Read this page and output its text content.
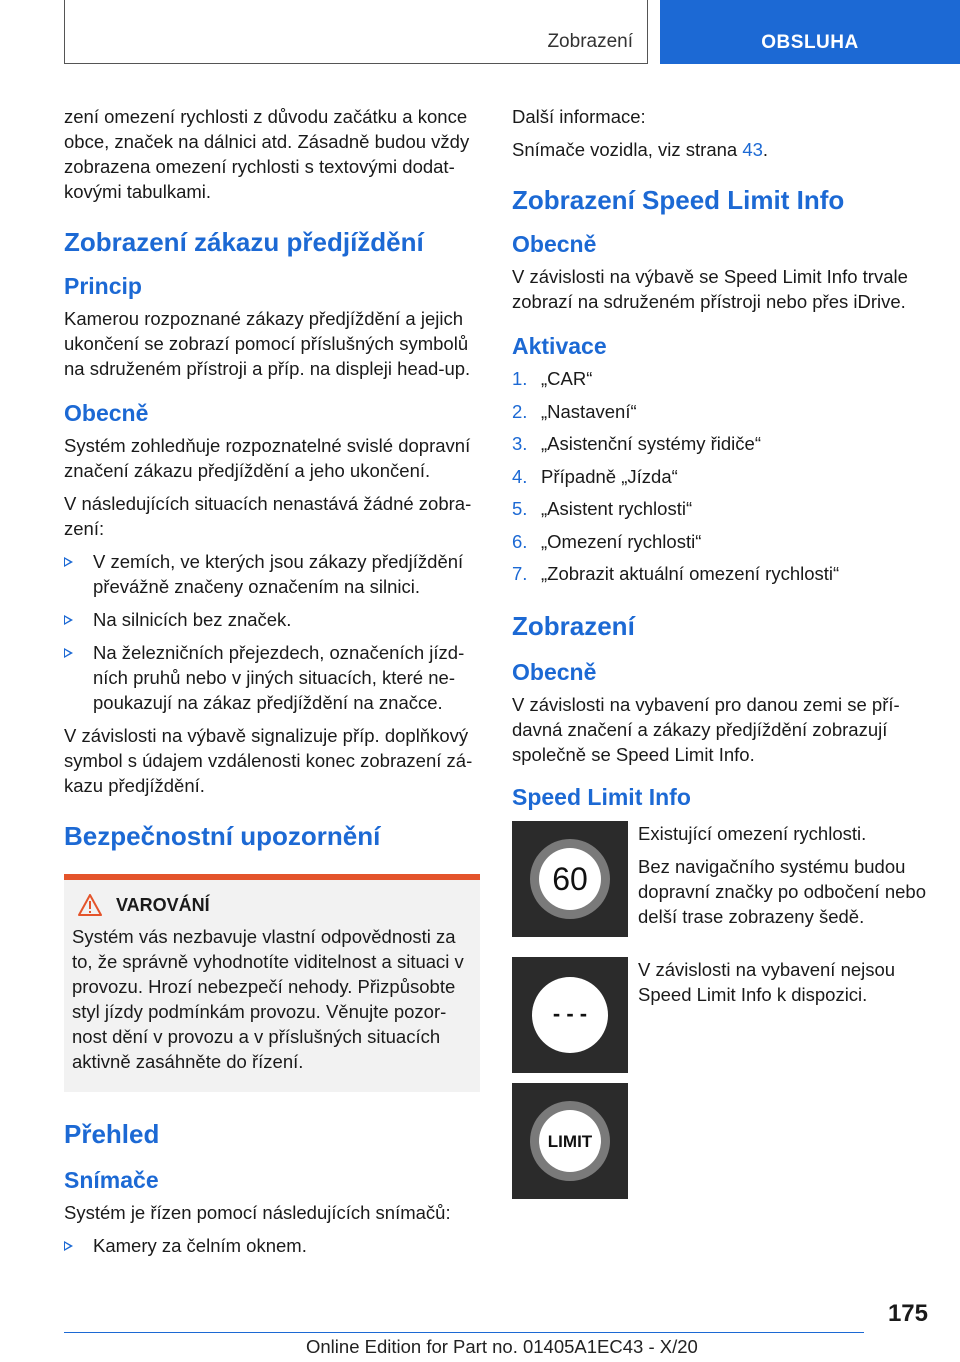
Zobrazení	OBSLUHA

zení omezení rychlosti z důvodu začátku a konce obce, značek na dálnici atd. Zásadně budou vždy zobrazena omezení rychlosti s textovými dodatkovými tabulkami.

Zobrazení zákazu předjíždění
Princip

Kamerou rozpoznané zákazy předjíždění a jejich ukončení se zobrazí pomocí příslušných symbolů na sdruženém přístroji a příp. na displeji head-up.

Obecně

Systém zohledňuje rozpoznatelné svislé dopravní značení zákazu předjíždění a jeho ukončení.

V následujících situacích nenastává žádné zobrazení:

V zemích, ve kterých jsou zákazy předjíždění převážně značeny označením na silnici.
Na silnicích bez značek.
Na železničních přejezdech, označeních jízdních pruhů nebo v jiných situacích, které nepoukazují na zákaz předjíždění na značce.

V závislosti na výbavě signalizuje příp. doplňkový symbol s údajem vzdálenosti konec zobrazení zákazu předjíždění.

Bezpečnostní upozornění
VAROVÁNÍ

Systém vás nezbavuje vlastní odpovědnosti za to, že správně vyhodnotíte viditelnost a situaci v provozu. Hrozí nebezpečí nehody. Přizpůsobte styl jízdy podmínkám provozu. Věnujte pozornost dění v provozu a v příslušných situacích aktivně zasáhněte do řízení.

Přehled
Snímače

Systém je řízen pomocí následujících snímačů:

Kamery za čelním oknem.

Další informace:

Snímače vozidla, viz strana 43.

Zobrazení Speed Limit Info
Obecně

V závislosti na výbavě se Speed Limit Info trvale zobrazí na sdruženém přístroji nebo přes iDrive.

Aktivace
1. „CAR“
2. „Nastavení“
3. „Asistenční systémy řidiče“
4. Případně „Jízda“
5. „Asistent rychlosti“
6. „Omezení rychlosti“
7. „Zobrazit aktuální omezení rychlosti“
Zobrazení
Obecně

V závislosti na vybavení pro danou zemi se přídavná značení a zákazy předjíždění zobrazují společně se Speed Limit Info.

Speed Limit Info
60

Existující omezení rychlosti.

Bez navigačního systému budou dopravní značky po odbočení nebo delší trase zobrazeny šedě.

- - -

V závislosti na vybavení nejsou Speed Limit Info k dispozici.

LIMIT
175
Online Edition for Part no. 01405A1EC43 - X/20
